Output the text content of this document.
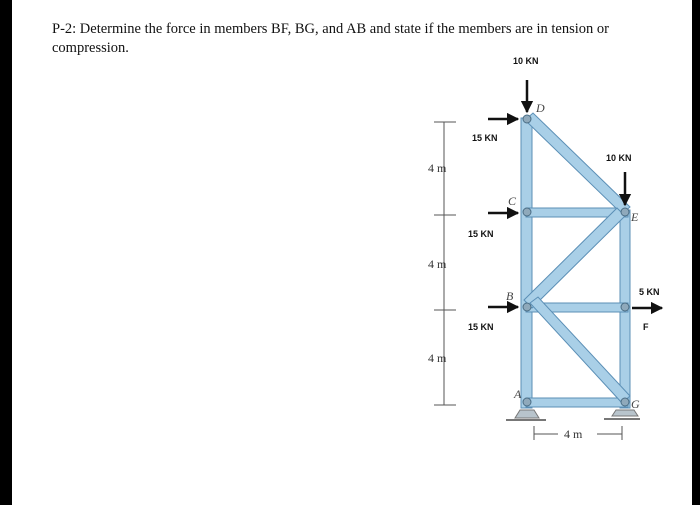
P-2: Determine the force in members BF, BG, and AB and state if the members are in tension or compression.
4 m
4 m
4 m
10 KN
10 KN
15 KN
15 KN
15 KN
5 KN
D
C
E
B
F
A
G
4 m
